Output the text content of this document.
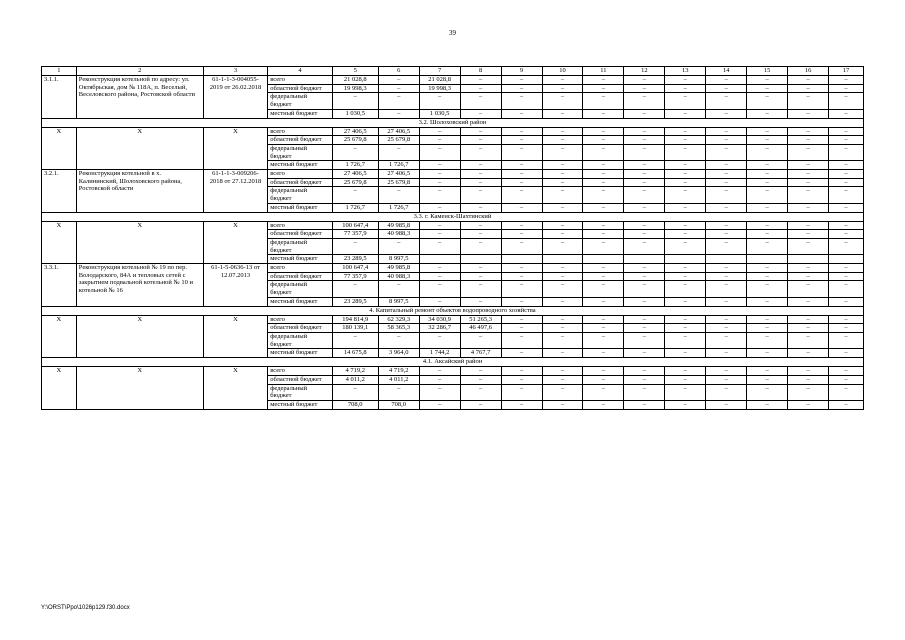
39
1	2	3	4	5	6	7	8	9	10	11	12	13	14	15	16	17
3.1.1.	Реконструкция котельной по адресу: ул. Октябрьская, дом № 118А, п. Веселый, Веселовского района, Ростовской области	61-1-1-3-004055-2019 от 26.02.2018	всего	21 028,8	–	21 028,8	–	–	–	–	–	–	–	–	–	–
			областной бюджет	19 998,3	–	19 998,3	–	–	–	–	–	–	–	–	–	–
			федеральный бюджет	–	–	–	–	–	–	–	–	–	–	–	–	–
			местный бюджет	1 030,5	–	1 030,5	–	–	–	–	–	–	–	–	–	–
3.2. Шолоховский район																
Х	Х	Х	всего	27 406,5	27 406,5	–	–	–	–	–	–	–	–	–	–	–
			областной бюджет	25 679,8	25 679,8	–	–	–	–	–	–	–	–	–	–	–
			федеральный бюджет	–	–	–	–	–	–	–	–	–	–	–	–	–
			местный бюджет	1 726,7	1 726,7	–	–	–	–	–	–	–	–	–	–	–
3.2.1.	Реконструкция котельной в х. Калининский, Шолоховского района, Ростовской области	61-1-1-3-009206-2018 от 27.12.2018	всего	27 406,5	27 406,5	–	–	–	–	–	–	–	–	–	–	–
			областной бюджет	25 679,8	25 679,8	–	–	–	–	–	–	–	–	–	–	–
			федеральный бюджет	–	–	–	–	–	–	–	–	–	–	–	–	–
			местный бюджет	1 726,7	1 726,7	–	–	–	–	–	–	–	–	–	–	–
3.3. г. Каменск-Шахтинский																
Х	Х	Х	всего	100 647,4	49 985,8	–	–	–	–	–	–	–	–	–	–	–
			областной бюджет	77 357,9	40 988,3	–	–	–	–	–	–	–	–	–	–	–
			федеральный бюджет	–	–	–	–	–	–	–	–	–	–	–	–	–
			местный бюджет	23 289,5	8 997,5											
3.3.1.	Реконструкция котельной № 19 по пер. Володарского, 84А и тепловых сетей с закрытием подвальной котельной № 10 и котельной № 16	61-1-5-0636-13 от 12.07.2013	всего	100 647,4	49 985,8	–	–	–	–	–	–	–	–	–	–	–
			областной бюджет	77 357,9	40 988,3	–	–	–	–	–	–	–	–	–	–	–
			федеральный бюджет	–	–	–	–	–	–	–	–	–	–	–	–	–
			местный бюджет	23 289,5	8 997,5	–	–	–	–	–	–	–	–	–	–	–
4. Капитальный ремонт объектов водопроводного хозяйства																
Х	Х	Х	всего	194 814,9	62 329,3	34 030,9	51 265,3	–	–	–	–	–	–	–	–	–
			областной бюджет	180 139,1	58 365,3	32 286,7	46 497,6	–	–	–	–	–	–	–	–	–
			федеральный бюджет	–	–	–	–	–	–	–	–	–	–	–	–	–
			местный бюджет	14 675,8	3 964,0	1 744,2	4 767,7	–	–	–	–	–	–	–	–	–
4.1. Аксайский район																
Х	Х	Х	всего	4 719,2	4 719,2	–	–	–	–	–	–	–	–	–	–	–
			областной бюджет	4 011,2	4 011,2	–	–	–	–	–	–	–	–	–	–	–
			федеральный бюджет	–	–	–	–	–	–	–	–	–	–	–	–	–
			местный бюджет	708,0	708,0	–	–	–	–	–	–	–	–	–	–	–
Y:\ORST\Ppo\1026p129.f30.docx
